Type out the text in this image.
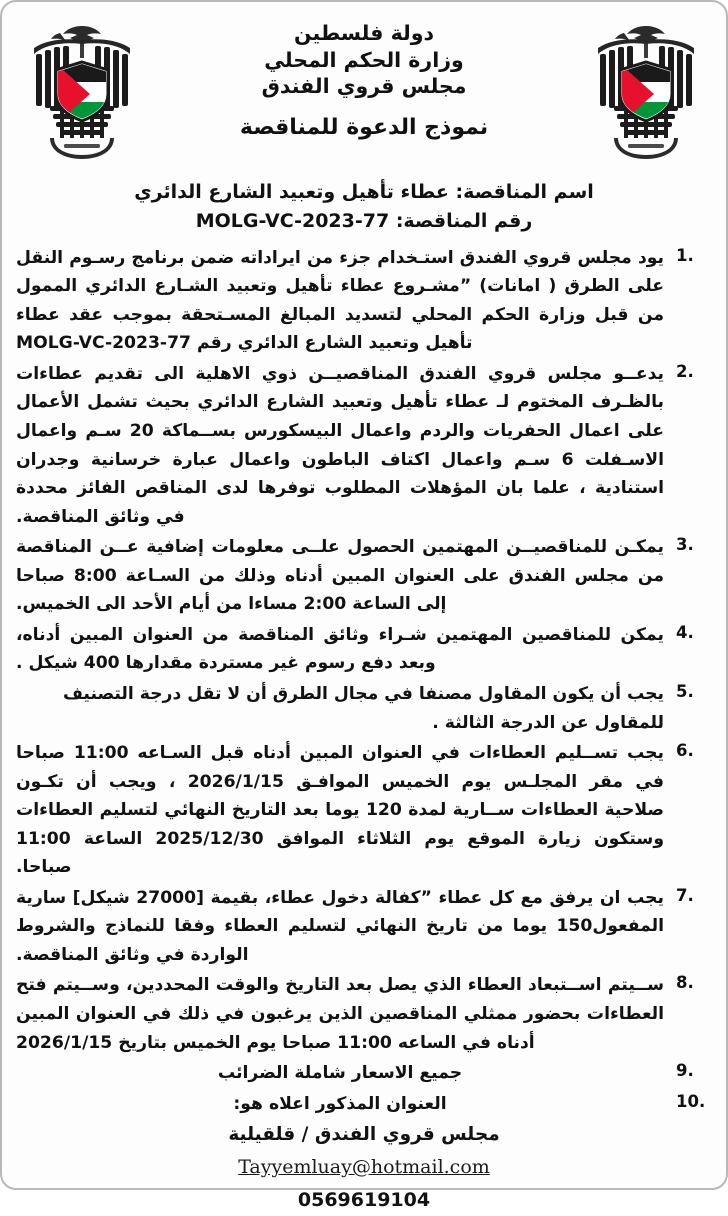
دولة فلسطين
وزارة الحكم المحلي
مجلس قروي الفندق
نموذج الدعوة للمناقصة
اسم المناقصة: عطاء تأهيل وتعبيد الشارع الدائري
رقم المناقصة: MOLG-VC-2023-77
1.
يود مجلس قروي الفندق استـخدام جزء من ايراداته ضمن برنامج رسـوم النقل على الطرق ( امانات) ”مشـروع عطاء تأهيل وتعبيد الشـارع الدائري الممول من قبل وزارة الحكم المحلي لتسديد المبالغ المسـتحقة بموجب عقد عطاء تأهيل وتعبيد الشارع الدائري رقم MOLG-VC-2023-77
2.
يدعــو مجلس قروي الفندق المناقصيــن ذوي الاهلية الى تقديم عطاءات بالظـرف المختوم لـ عطاء تأهيل وتعبيد الشارع الدائري بحيث تشمل الأعمال على اعمال الحفريات والردم واعمال البيسكورس بســماكة 20 سـم واعمال الاسـفلت 6 سـم واعمال اكتاف الباطون واعمال عبارة خرسانية وجدران استنادية ، علما بان المؤهلات المطلوب توفرها لدى المناقص الفائز محددة في وثائق المناقصة.
3.
يمكـن للمناقصيــن المهتمين الحصول علــى معلومات إضافية عــن المناقصة من مجلس الفندق على العنوان المبين أدناه وذلك من السـاعة 8:00 صباحا إلى الساعة 2:00 مساءا من أيام الأحد الى الخميس.
4.
يمكن للمناقصين المهتمين شـراء وثائق المناقصة من العنوان المبين أدناه، وبعد دفع رسوم غير مستردة مقدارها 400 شيكل .
5.
يجب أن يكون المقاول مصنفا في مجال الطرق أن لا تقل درجة التصنيف للمقاول عن الدرجة الثالثة .
6.
يجب تســليم العطاءات في العنوان المبين أدناه قبل السـاعه 11:00 صباحا في مقر المجلـس يوم الخميس الموافـق 2026/1/15 ، ويجب أن تكـون صلاحية العطاءات ســارية لمدة 120 يوما بعد التاريخ النهائي لتسليم العطاءات وستكون زيارة الموقع يوم الثلاثاء الموافق 2025/12/30 الساعة 11:00 صباحا.
7.
يجب ان يرفق مع كل عطاء ”كفالة دخول عطاء، بقيمة [27000 شيكل] سارية المفعول150 يوما من تاريخ النهائي لتسليم العطاء وفقا للنماذج والشروط الواردة في وثائق المناقصة.
8.
ســيتم اســتبعاد العطاء الذي يصل بعد التاريخ والوقت المحددين، وســيتم فتح العطاءات بحضور ممثلي المناقصين الذين يرغبون في ذلك في العنوان المبين أدناه في الساعه 11:00 صباحا يوم الخميس بتاريخ 2026/1/15
9.
جميع الاسعار شاملة الضرائب
10.
العنوان المذكور اعلاه هو:
مجلس قروي الفندق / قلقيلية
Tayyemluay@hotmail.com
0569619104
